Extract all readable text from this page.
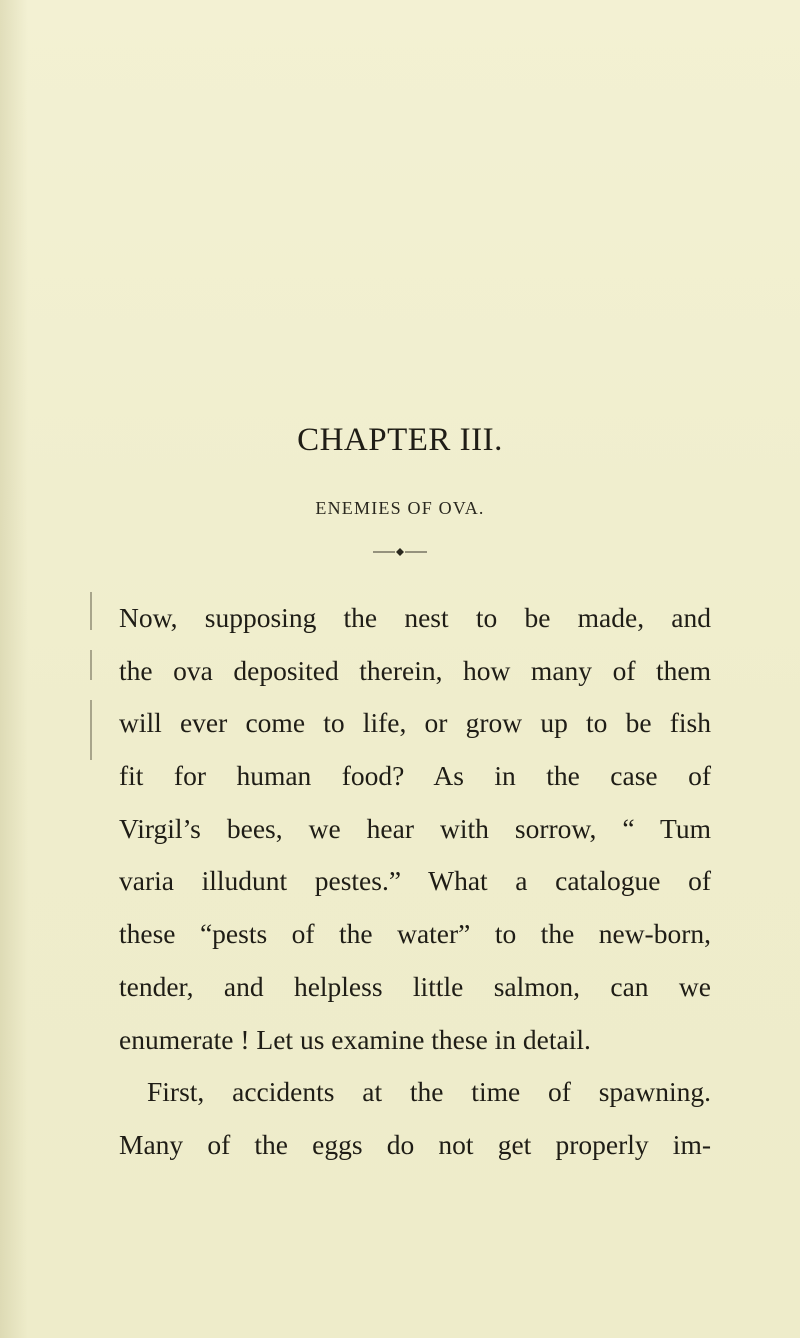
CHAPTER III.
ENEMIES OF OVA.
Now, supposing the nest to be made, and
the ova deposited therein, how many of them
will ever come to life, or grow up to be fish
fit for human food? As in the case of
Virgil’s bees, we hear with sorrow, “ Tum
varia illudunt pestes.” What a catalogue of
these “pests of the water” to the new-born,
tender, and helpless little salmon, can we
enumerate ! Let us examine these in detail.
First, accidents at the time of spawning.
Many of the eggs do not get properly im-
